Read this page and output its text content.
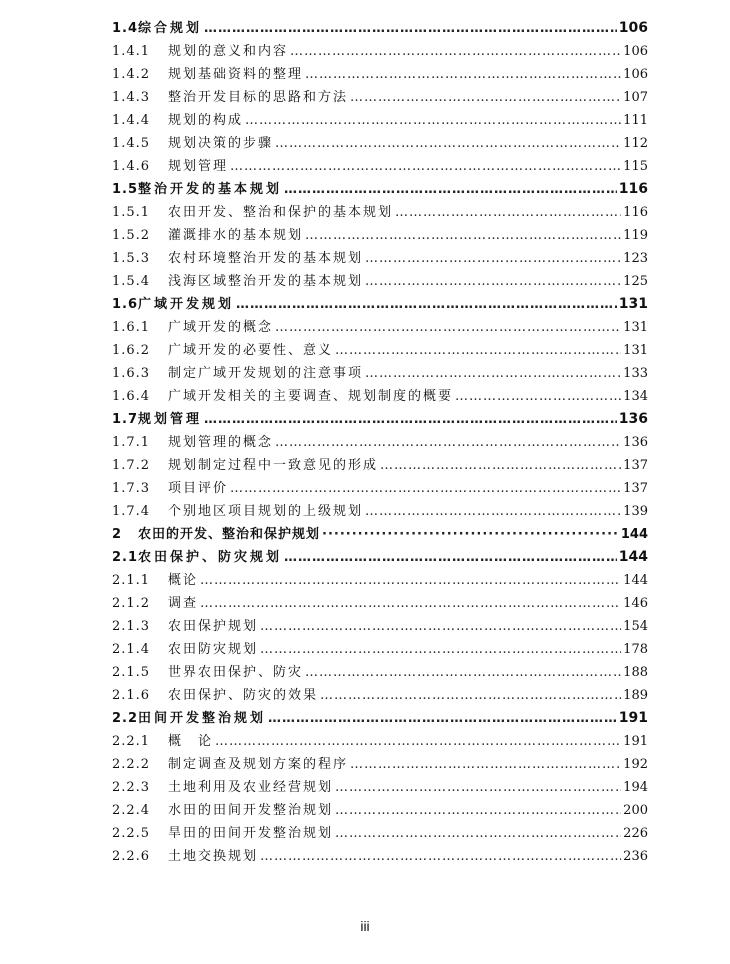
1.4 综合规划 ……………………………………………………………………………………………………………………………………………………………………………………………	106
1.4.1	规划的意义和内容 ……………………………………………………………………………………………………………………………………………………………………………………………	106
1.4.2	规划基础资料的整理 ……………………………………………………………………………………………………………………………………………………………………………………………	106
1.4.3	整治开发目标的思路和方法 ……………………………………………………………………………………………………………………………………………………………………………………………	107
1.4.4	规划的构成 ……………………………………………………………………………………………………………………………………………………………………………………………	111
1.4.5	规划决策的步骤 ……………………………………………………………………………………………………………………………………………………………………………………………	112
1.4.6	规划管理 ……………………………………………………………………………………………………………………………………………………………………………………………	115
1.5 整治开发的基本规划 ……………………………………………………………………………………………………………………………………………………………………………………………	116
1.5.1	农田开发、整治和保护的基本规划 ……………………………………………………………………………………………………………………………………………………………………………………………	116
1.5.2	灌溉排水的基本规划 ……………………………………………………………………………………………………………………………………………………………………………………………	119
1.5.3	农村环境整治开发的基本规划 ……………………………………………………………………………………………………………………………………………………………………………………………	123
1.5.4	浅海区域整治开发的基本规划 ……………………………………………………………………………………………………………………………………………………………………………………………	125
1.6 广域开发规划 ……………………………………………………………………………………………………………………………………………………………………………………………	131
1.6.1	广域开发的概念 ……………………………………………………………………………………………………………………………………………………………………………………………	131
1.6.2	广域开发的必要性、意义 ……………………………………………………………………………………………………………………………………………………………………………………………	131
1.6.3	制定广域开发规划的注意事项 ……………………………………………………………………………………………………………………………………………………………………………………………	133
1.6.4	广域开发相关的主要调查、规划制度的概要 ……………………………………………………………………………………………………………………………………………………………………………………………	134
1.7 规划管理 ……………………………………………………………………………………………………………………………………………………………………………………………	136
1.7.1	规划管理的概念 ……………………………………………………………………………………………………………………………………………………………………………………………	136
1.7.2	规划制定过程中一致意见的形成 ……………………………………………………………………………………………………………………………………………………………………………………………	137
1.7.3	项目评价 ……………………………………………………………………………………………………………………………………………………………………………………………	137
1.7.4	个别地区项目规划的上级规划 ……………………………………………………………………………………………………………………………………………………………………………………………	139
2	农田的开发、整治和保护规划 ·····	144
2.1 农田保护、防灾规划 ……………………………………………………………………………………………………………………………………………………………………………………………	144
2.1.1	概论 ……………………………………………………………………………………………………………………………………………………………………………………………	144
2.1.2	调查 ……………………………………………………………………………………………………………………………………………………………………………………………	146
2.1.3	农田保护规划 ……………………………………………………………………………………………………………………………………………………………………………………………	154
2.1.4	农田防灾规划 ……………………………………………………………………………………………………………………………………………………………………………………………	178
2.1.5	世界农田保护、防灾 ……………………………………………………………………………………………………………………………………………………………………………………………	188
2.1.6	农田保护、防灾的效果 ……………………………………………………………………………………………………………………………………………………………………………………………	189
2.2 田间开发整治规划 ……………………………………………………………………………………………………………………………………………………………………………………………	191
2.2.1	概　论 ……………………………………………………………………………………………………………………………………………………………………………………………	191
2.2.2	制定调查及规划方案的程序 ……………………………………………………………………………………………………………………………………………………………………………………………	192
2.2.3	土地利用及农业经营规划 ……………………………………………………………………………………………………………………………………………………………………………………………	194
2.2.4	水田的田间开发整治规划 ……………………………………………………………………………………………………………………………………………………………………………………………	200
2.2.5	旱田的田间开发整治规划 ……………………………………………………………………………………………………………………………………………………………………………………………	226
2.2.6	土地交换规划 ……………………………………………………………………………………………………………………………………………………………………………………………	236
iii
